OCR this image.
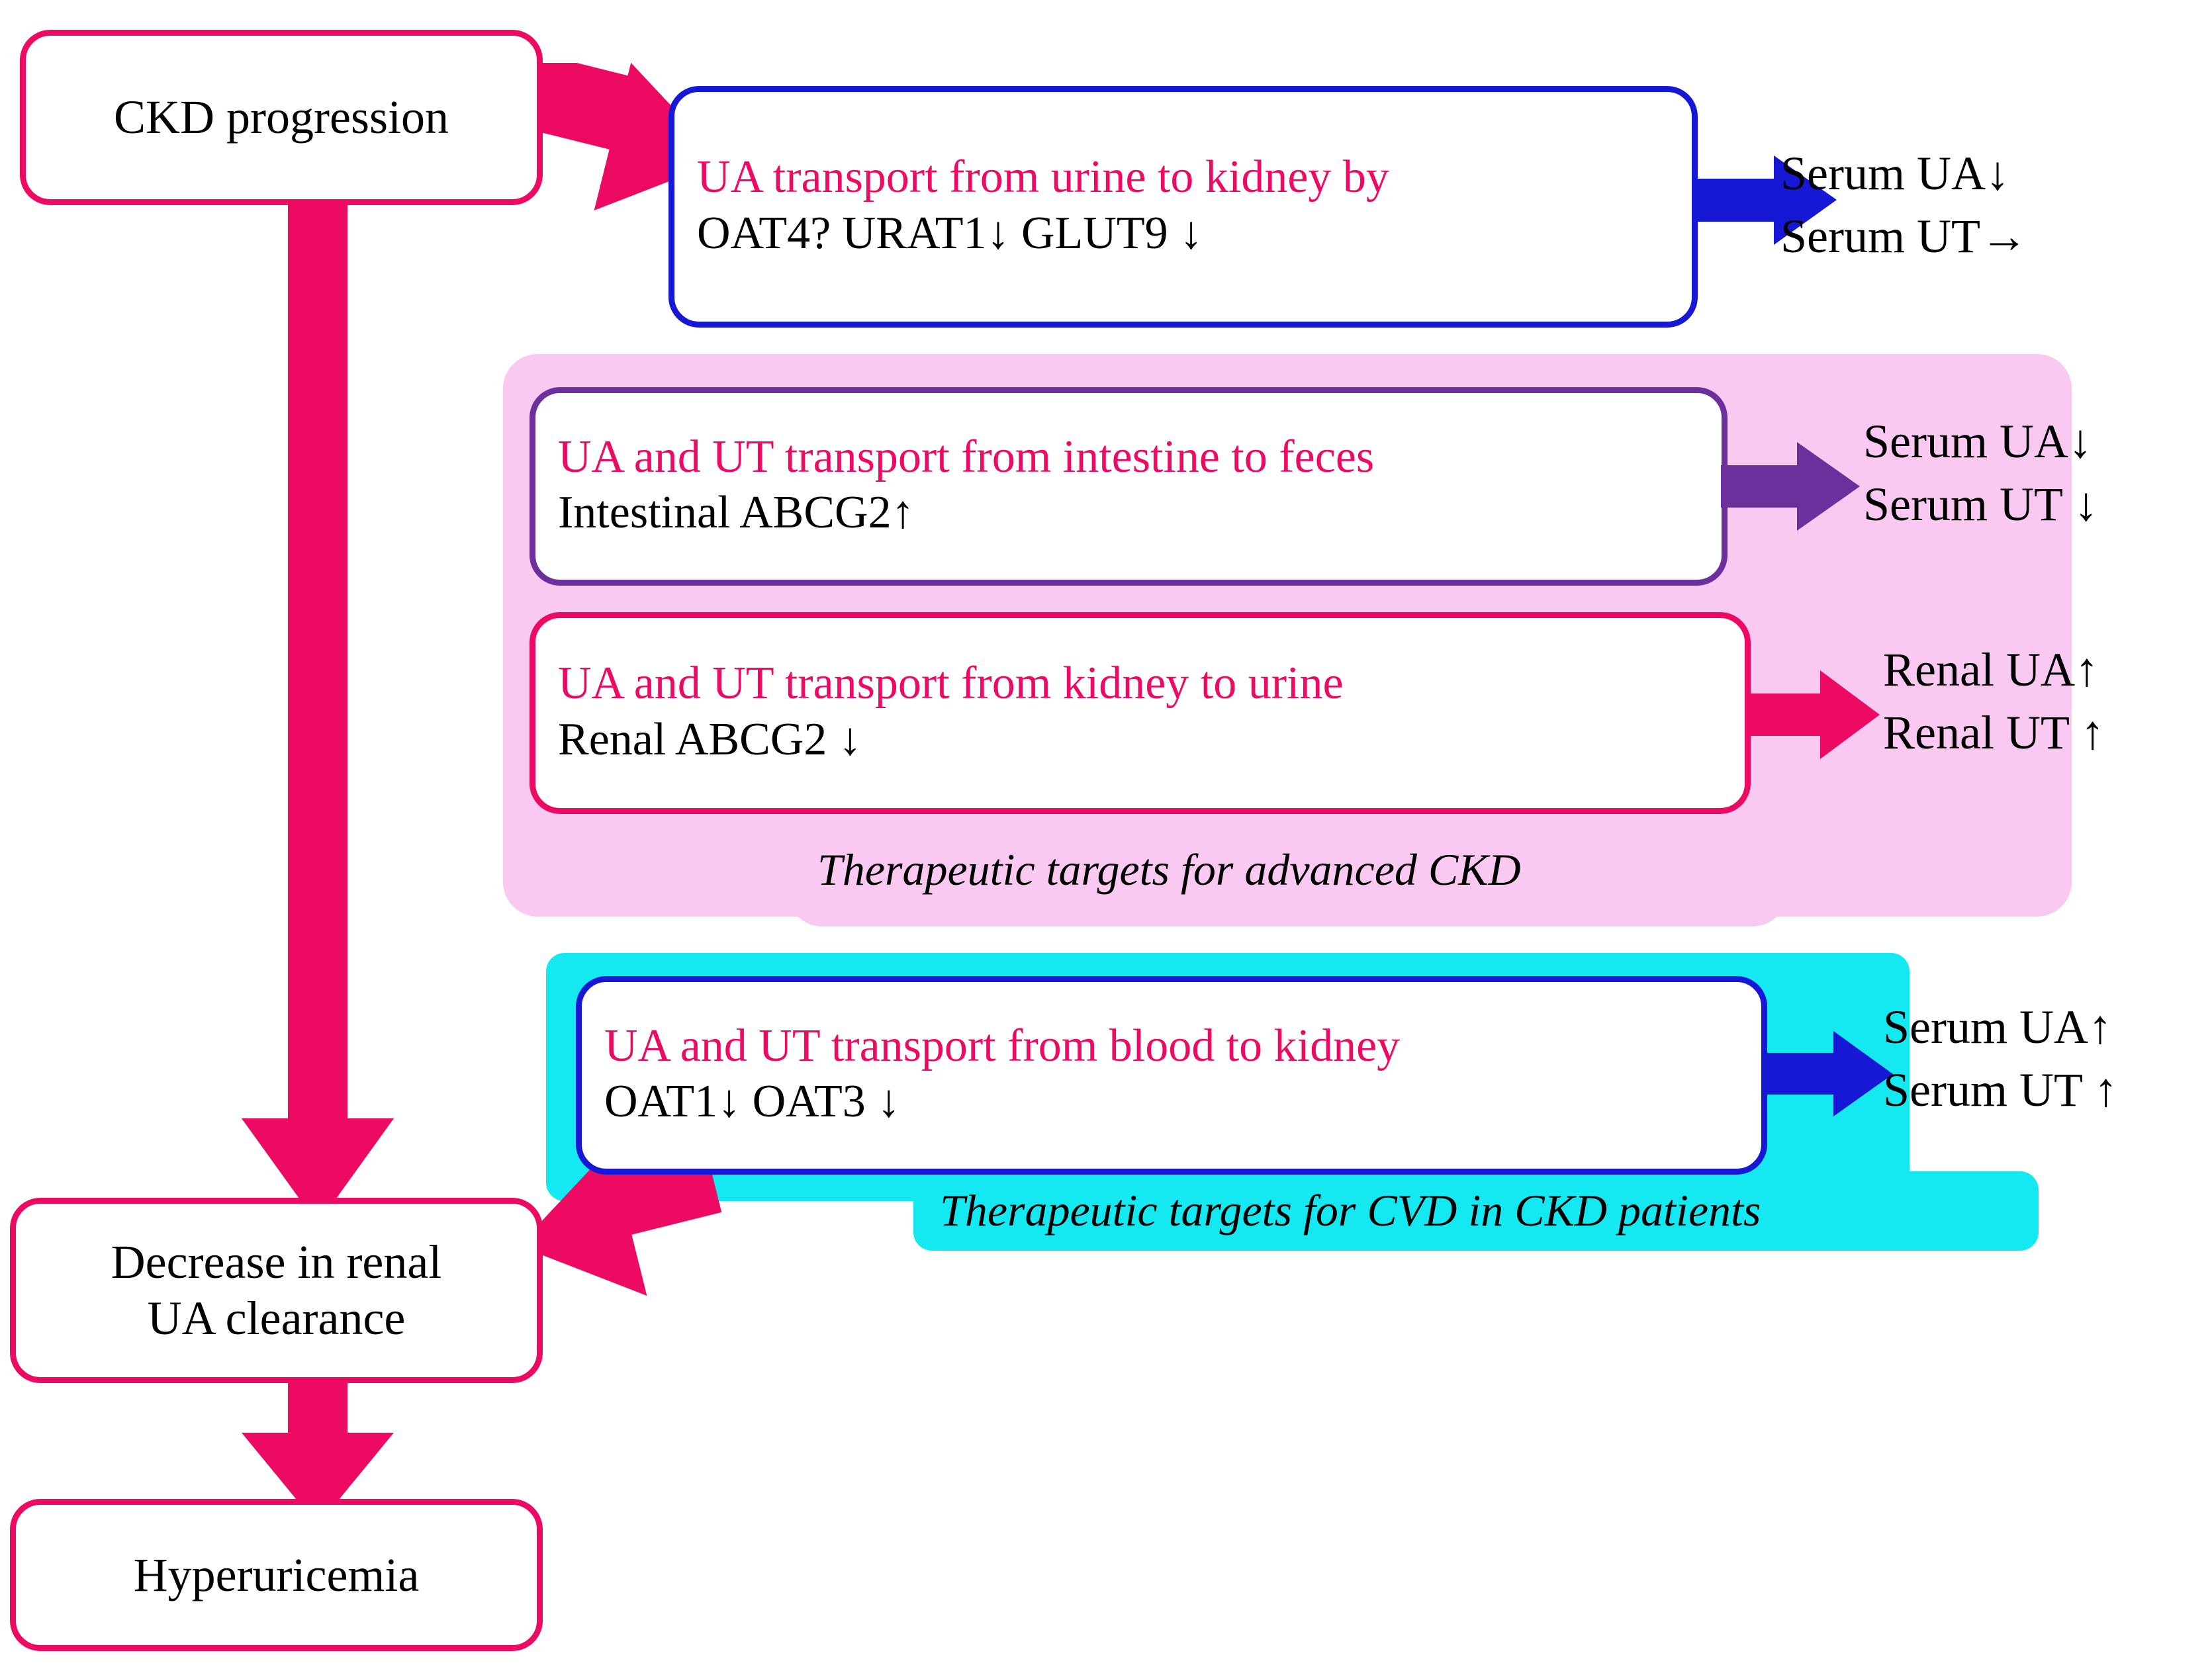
Therapeutic targets for advanced CKD
Therapeutic targets for CVD in CKD patients
CKD progression
Decrease in renal
UA clearance
Hyperuricemia
UA transport from urine to kidney by
OAT4? URAT1↓ GLUT9 ↓
Serum UA↓
Serum UT→
UA and UT transport from intestine to feces
Intestinal ABCG2↑
Serum UA↓
Serum UT ↓
UA and UT transport from kidney to urine
Renal ABCG2 ↓
Renal UA↑
Renal UT ↑
UA and UT transport from blood to kidney
OAT1↓ OAT3 ↓
Serum UA↑
Serum UT ↑
